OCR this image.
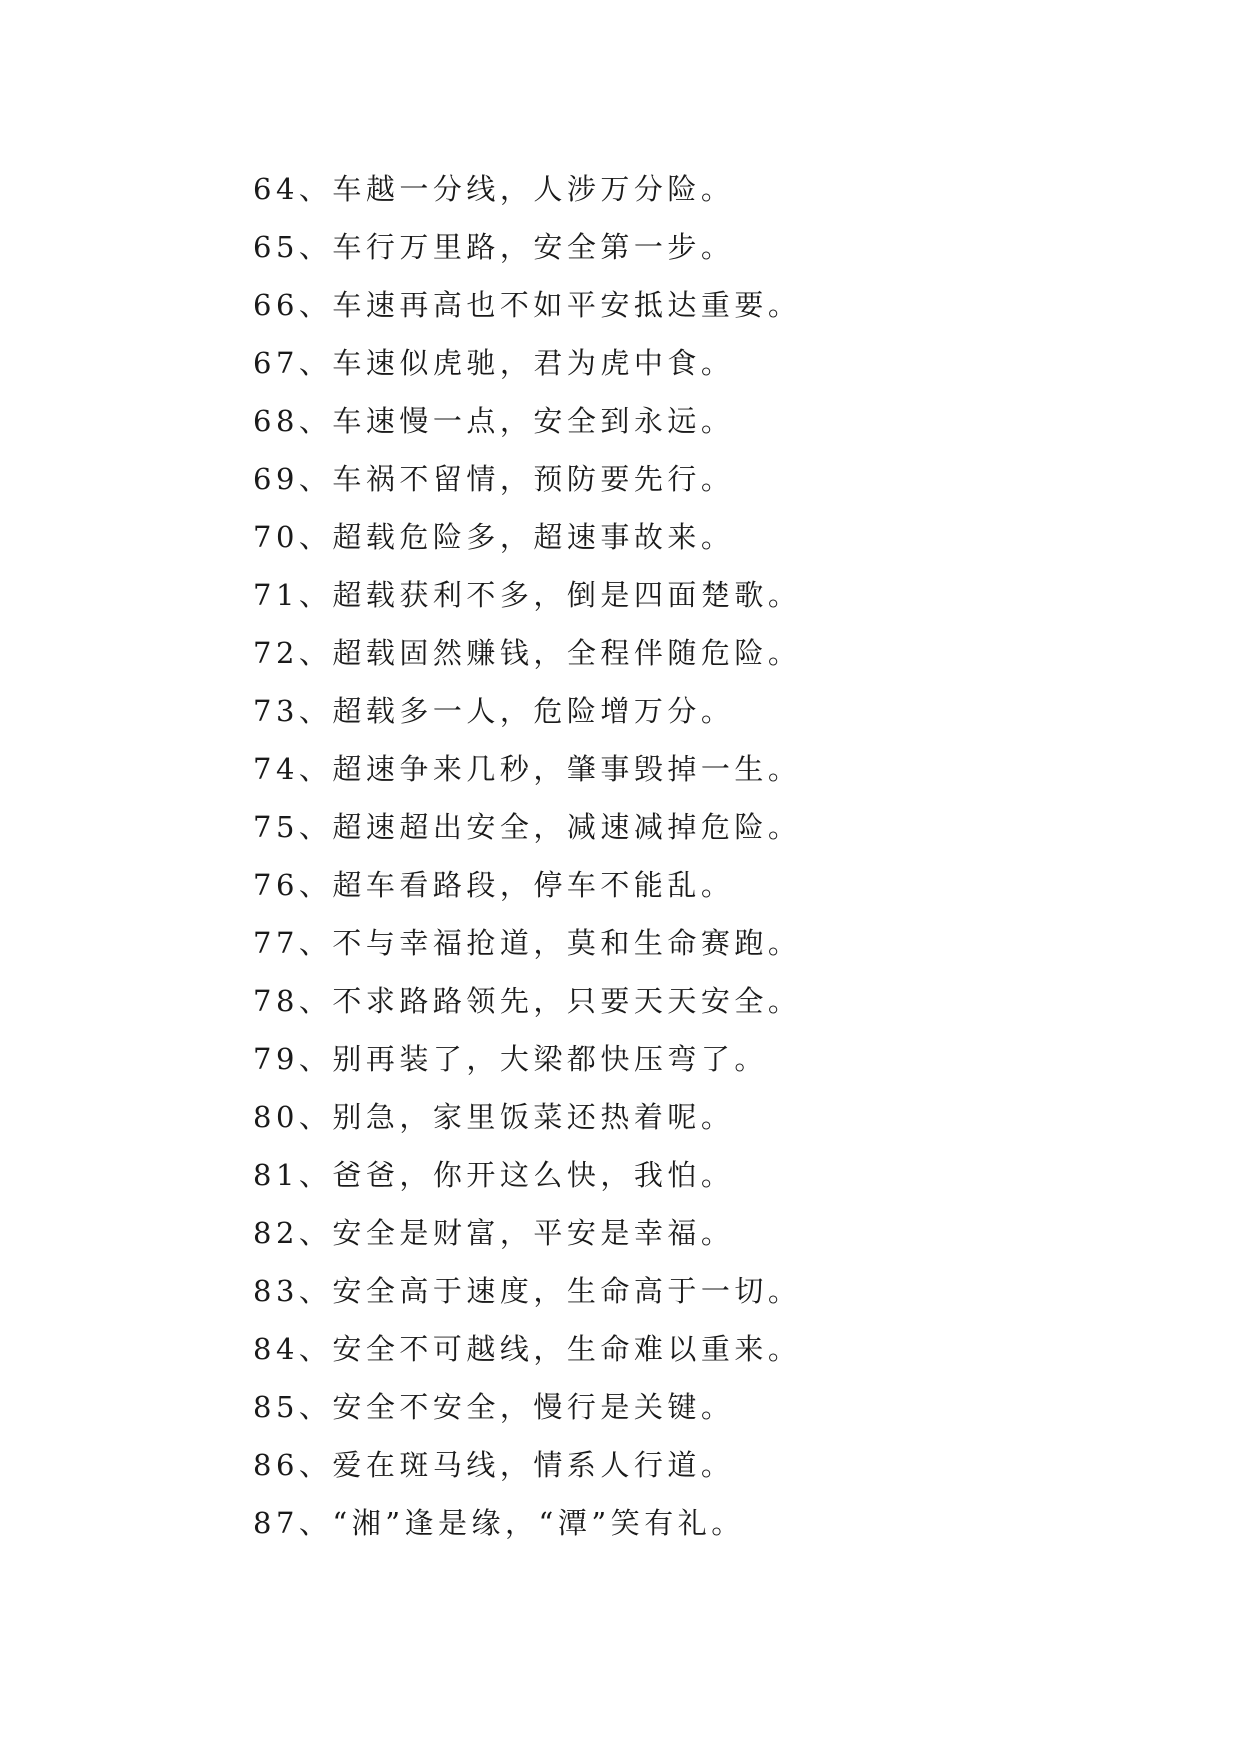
64、车越一分线，人涉万分险。
65、车行万里路，安全第一步。
66、车速再高也不如平安抵达重要。
67、车速似虎驰，君为虎中食。
68、车速慢一点，安全到永远。
69、车祸不留情，预防要先行。
70、超载危险多，超速事故来。
71、超载获利不多，倒是四面楚歌。
72、超载固然赚钱，全程伴随危险。
73、超载多一人，危险增万分。
74、超速争来几秒，肇事毁掉一生。
75、超速超出安全，减速减掉危险。
76、超车看路段，停车不能乱。
77、不与幸福抢道，莫和生命赛跑。
78、不求路路领先，只要天天安全。
79、别再装了，大梁都快压弯了。
80、别急，家里饭菜还热着呢。
81、爸爸，你开这么快，我怕。
82、安全是财富，平安是幸福。
83、安全高于速度，生命高于一切。
84、安全不可越线，生命难以重来。
85、安全不安全，慢行是关键。
86、爱在斑马线，情系人行道。
87、“湘”逢是缘，“潭”笑有礼。
